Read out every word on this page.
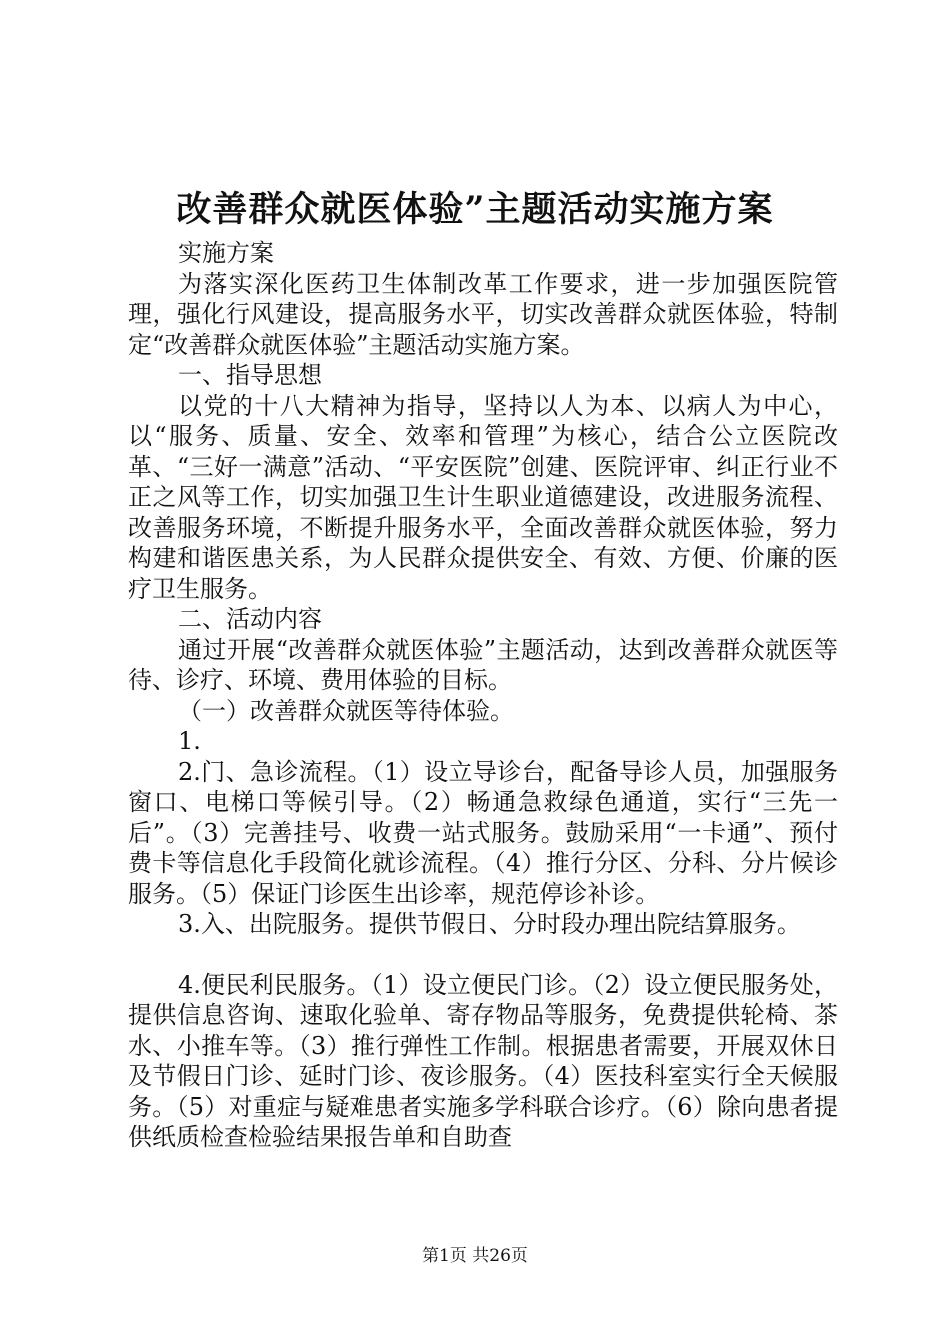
改善群众就医体验”主题活动实施方案

实施方案

为落实深化医药卫生体制改革工作要求，进一步加强医院管理，强化行风建设，提高服务水平，切实改善群众就医体验，特制定“改善群众就医体验”主题活动实施方案。

一、指导思想

以党的十八大精神为指导，坚持以人为本、以病人为中心，以“服务、质量、安全、效率和管理”为核心，结合公立医院改革、“三好一满意”活动、“平安医院”创建、医院评审、纠正行业不正之风等工作，切实加强卫生计生职业道德建设，改进服务流程、改善服务环境，不断提升服务水平，全面改善群众就医体验，努力构建和谐医患关系，为人民群众提供安全、有效、方便、价廉的医疗卫生服务。

二、活动内容

通过开展“改善群众就医体验”主题活动，达到改善群众就医等待、诊疗、环境、费用体验的目标。

（一）改善群众就医等待体验。

1.

2.门、急诊流程。（1）设立导诊台，配备导诊人员，加强服务窗口、电梯口等候引导。（2）畅通急救绿色通道，实行“三先一后”。（3）完善挂号、收费一站式服务。鼓励采用“一卡通”、预付费卡等信息化手段简化就诊流程。（4）推行分区、分科、分片候诊服务。（5）保证门诊医生出诊率，规范停诊补诊。

3.入、出院服务。提供节假日、分时段办理出院结算服务。

4.便民利民服务。（1）设立便民门诊。（2）设立便民服务处，提供信息咨询、速取化验单、寄存物品等服务，免费提供轮椅、茶水、小推车等。（3）推行弹性工作制。根据患者需要，开展双休日及节假日门诊、延时门诊、夜诊服务。（4）医技科室实行全天候服务。（5）对重症与疑难患者实施多学科联合诊疗。（6）除向患者提供纸质检查检验结果报告单和自助查

第1页 共26页
